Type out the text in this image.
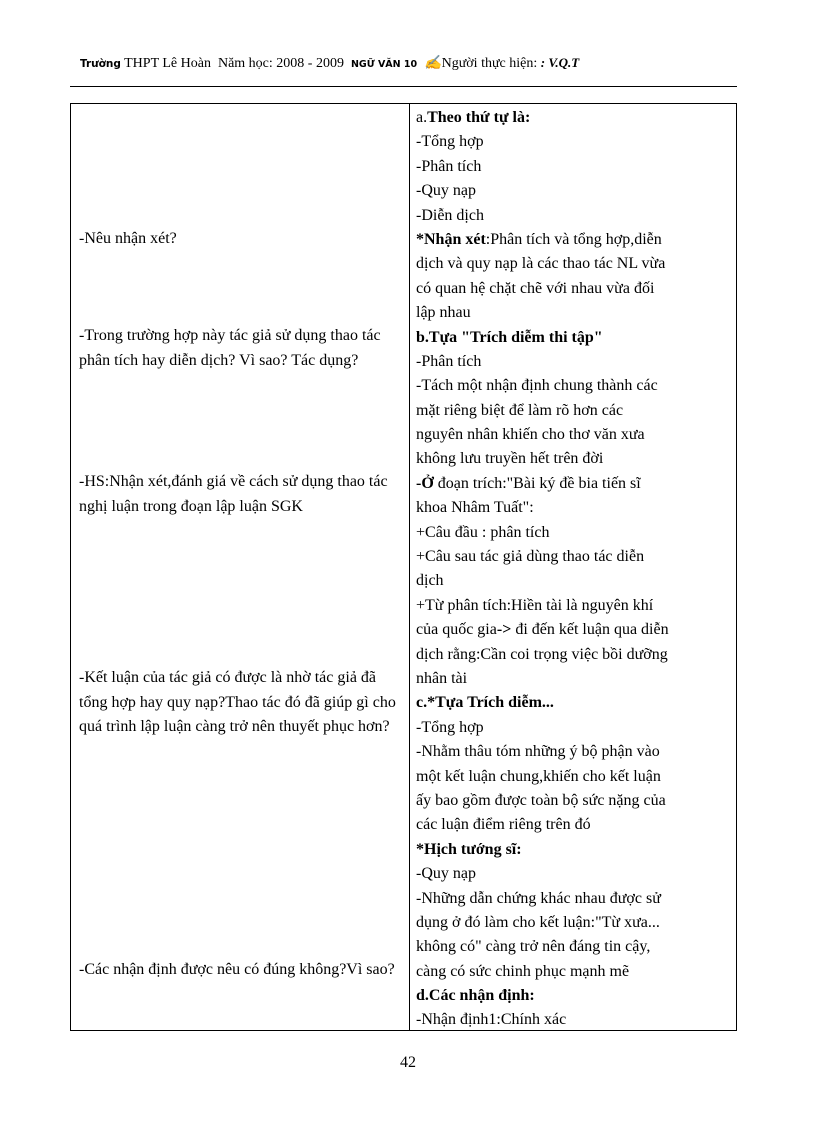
Trường THPT Lê Hoàn Năm học: 2008 - 2009 NGỮ VĂN 10 ✍Người thực hiện: : V.Q.T
-Nêu nhận xét?
-Trong trường hợp này tác giả sử dụng thao tác phân tích hay diễn dịch? Vì sao? Tác dụng?
-HS:Nhận xét,đánh giá về cách sử dụng thao tác nghị luận trong đoạn lập luận SGK
-Kết luận của tác giả có được là nhờ tác giả đã tổng hợp hay quy nạp?Thao tác đó đã giúp gì cho quá trình lập luận càng trở nên thuyết phục hơn?
-Các nhận định được nêu có đúng không?Vì sao?
a.Theo thứ tự là:
-Tổng hợp
-Phân tích
-Quy nạp
-Diễn dịch
*Nhận xét:Phân tích và tổng hợp,diễn
dịch và quy nạp là các thao tác NL vừa
có quan hệ chặt chẽ với nhau vừa đối
lập nhau
b.Tựa "Trích diễm thi tập"
-Phân tích
-Tách một nhận định chung thành các
mặt riêng biệt để làm rõ hơn các
nguyên nhân khiến cho thơ văn xưa
không lưu truyền hết trên đời
-Ở đoạn trích:"Bài ký đề bia tiến sĩ
khoa Nhâm Tuất":
+Câu đầu : phân tích
+Câu sau tác giả dùng thao tác diễn
dịch
+Từ phân tích:Hiền tài là nguyên khí
của quốc gia-> đi đến kết luận qua diễn
dịch rằng:Cần coi trọng việc bồi dưỡng
nhân tài
c.*Tựa Trích diễm...
-Tổng hợp
-Nhằm thâu tóm những ý bộ phận vào
một kết luận chung,khiến cho kết luận
ấy bao gồm được toàn bộ sức nặng của
các luận điểm riêng trên đó
*Hịch tướng sĩ:
-Quy nạp
-Những dẫn chứng khác nhau được sử
dụng ở đó làm cho kết luận:"Từ xưa...
không có" càng trở nên đáng tin cậy,
càng có sức chinh phục mạnh mẽ
d.Các nhận định:
-Nhận định1:Chính xác
42
